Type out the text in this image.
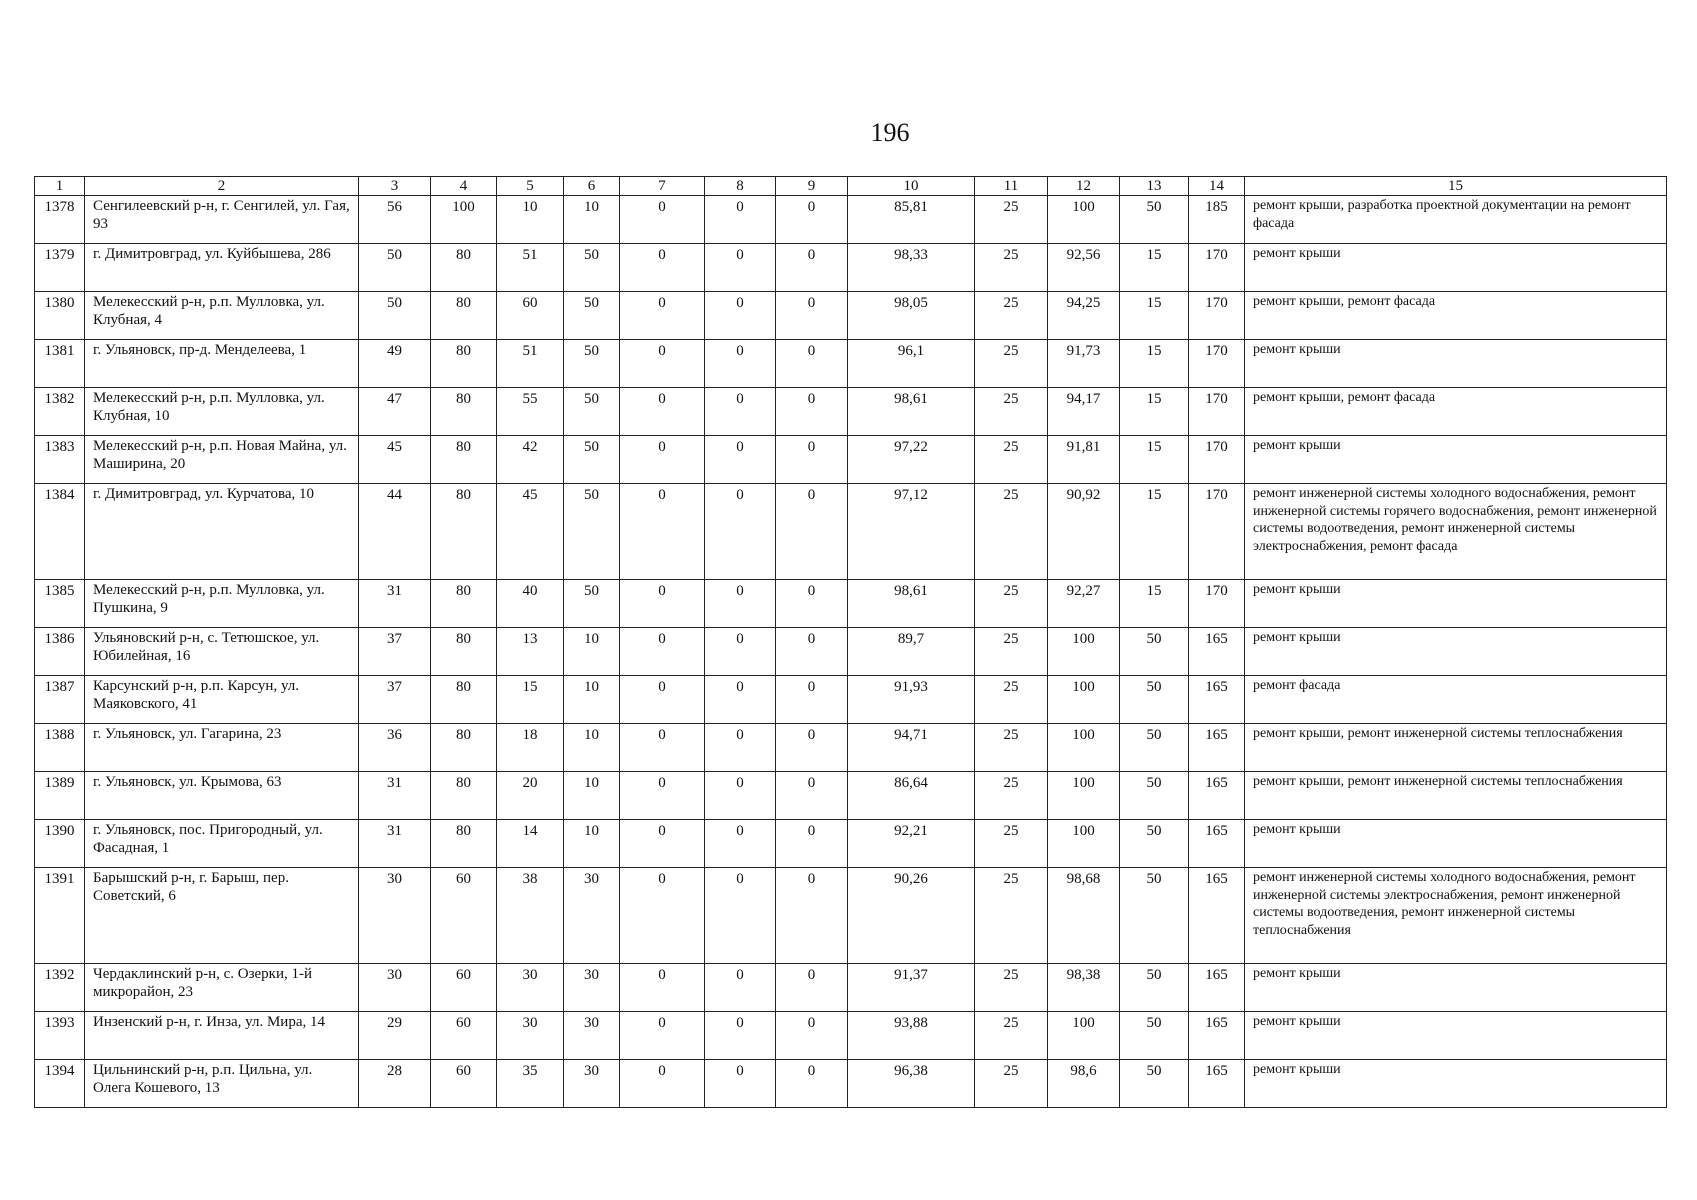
196
1	2	3	4	5	6	7	8	9	10	11	12	13	14	15
1378	Сенгилеевский р-н, г. Сенгилей, ул. Гая, 93	56	100	10	10	0	0	0	85,81	25	100	50	185	ремонт крыши, разработка проектной документации на ремонт фасада
1379	г. Димитровград, ул. Куйбышева, 286	50	80	51	50	0	0	0	98,33	25	92,56	15	170	ремонт крыши
1380	Мелекесский р-н, р.п. Мулловка, ул. Клубная, 4	50	80	60	50	0	0	0	98,05	25	94,25	15	170	ремонт крыши, ремонт фасада
1381	г. Ульяновск, пр-д. Менделеева, 1	49	80	51	50	0	0	0	96,1	25	91,73	15	170	ремонт крыши
1382	Мелекесский р-н, р.п. Мулловка, ул. Клубная, 10	47	80	55	50	0	0	0	98,61	25	94,17	15	170	ремонт крыши, ремонт фасада
1383	Мелекесский р-н, р.п. Новая Майна, ул. Маширина, 20	45	80	42	50	0	0	0	97,22	25	91,81	15	170	ремонт крыши
1384	г. Димитровград, ул. Курчатова, 10	44	80	45	50	0	0	0	97,12	25	90,92	15	170	ремонт инженерной системы холодного водоснабжения, ремонт инженерной системы горячего водоснабжения, ремонт инженерной системы водоотведения, ремонт инженерной системы электроснабжения, ремонт фасада
1385	Мелекесский р-н, р.п. Мулловка, ул. Пушкина, 9	31	80	40	50	0	0	0	98,61	25	92,27	15	170	ремонт крыши
1386	Ульяновский р-н, с. Тетюшское, ул. Юбилейная, 16	37	80	13	10	0	0	0	89,7	25	100	50	165	ремонт крыши
1387	Карсунский р-н, р.п. Карсун, ул. Маяковского, 41	37	80	15	10	0	0	0	91,93	25	100	50	165	ремонт фасада
1388	г. Ульяновск, ул. Гагарина, 23	36	80	18	10	0	0	0	94,71	25	100	50	165	ремонт крыши, ремонт инженерной системы теплоснабжения
1389	г. Ульяновск, ул. Крымова, 63	31	80	20	10	0	0	0	86,64	25	100	50	165	ремонт крыши, ремонт инженерной системы теплоснабжения
1390	г. Ульяновск, пос. Пригородный, ул. Фасадная, 1	31	80	14	10	0	0	0	92,21	25	100	50	165	ремонт крыши
1391	Барышский р-н, г. Барыш, пер. Советский, 6	30	60	38	30	0	0	0	90,26	25	98,68	50	165	ремонт инженерной системы холодного водоснабжения, ремонт инженерной системы электроснабжения, ремонт инженерной системы водоотведения, ремонт инженерной системы теплоснабжения
1392	Чердаклинский р-н, с. Озерки, 1-й микрорайон, 23	30	60	30	30	0	0	0	91,37	25	98,38	50	165	ремонт крыши
1393	Инзенский р-н, г. Инза, ул. Мира, 14	29	60	30	30	0	0	0	93,88	25	100	50	165	ремонт крыши
1394	Цильнинский р-н, р.п. Цильна, ул. Олега Кошевого, 13	28	60	35	30	0	0	0	96,38	25	98,6	50	165	ремонт крыши
